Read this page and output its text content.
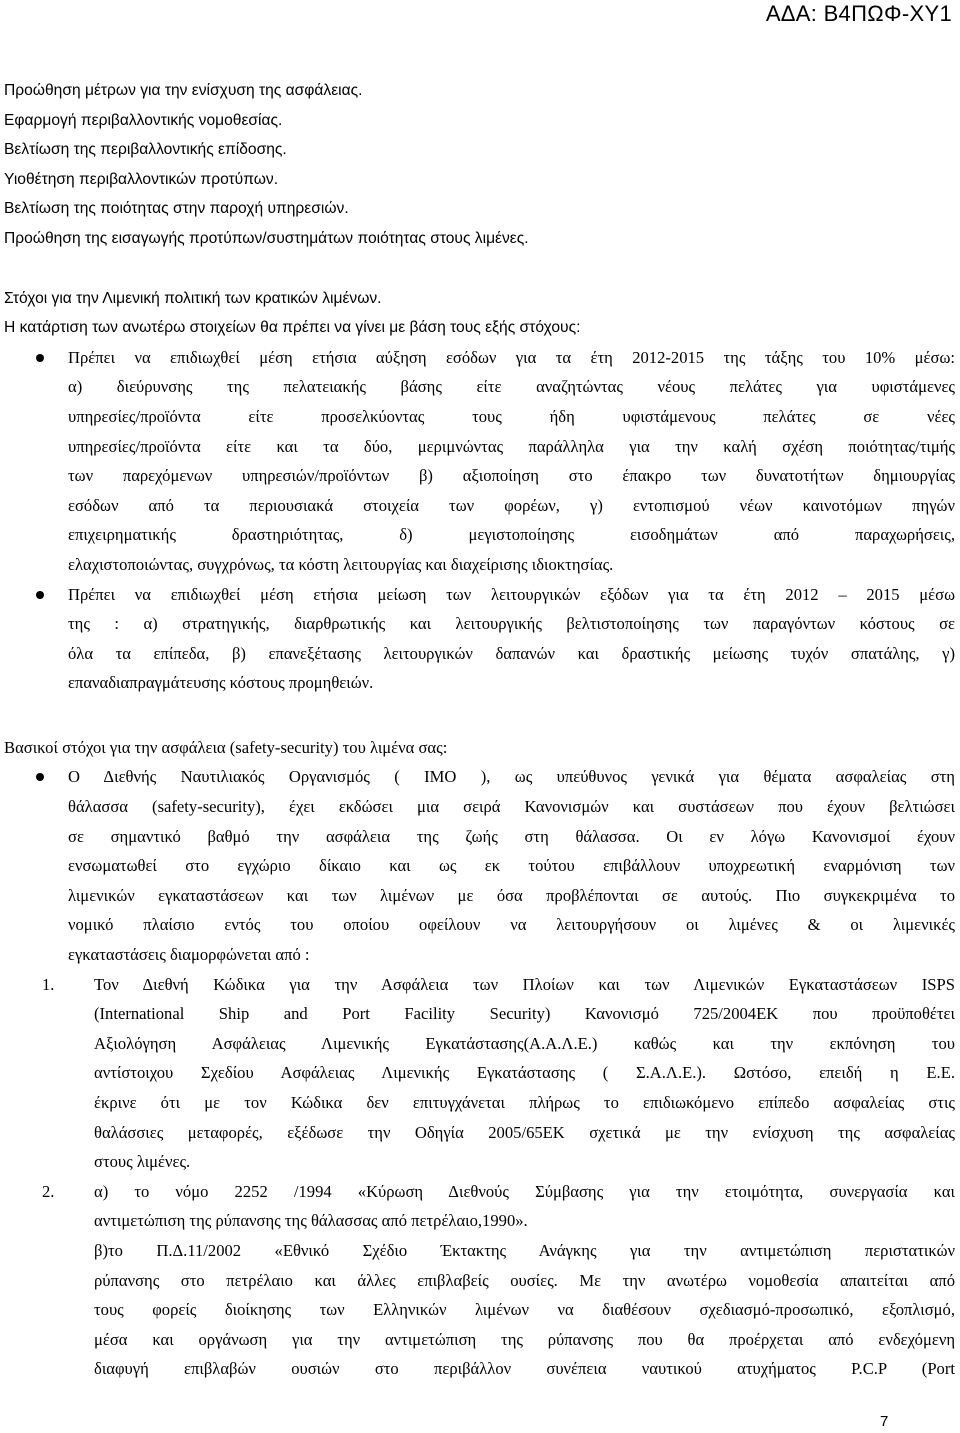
ΑΔΑ: Β4ΠΩΦ-ΧΥ1
Προώθηση μέτρων για την ενίσχυση της ασφάλειας.
Εφαρμογή περιβαλλοντικής νομοθεσίας.
Βελτίωση της περιβαλλοντικής επίδοσης.
Υιοθέτηση περιβαλλοντικών προτύπων.
Βελτίωση της ποιότητας στην παροχή υπηρεσιών.
Προώθηση της εισαγωγής προτύπων/συστημάτων ποιότητας στους λιμένες.
Στόχοι για την Λιμενική πολιτική των κρατικών λιμένων.
Η κατάρτιση των ανωτέρω στοιχείων θα πρέπει να γίνει με βάση τους εξής στόχους:
Πρέπει να επιδιωχθεί μέση ετήσια αύξηση εσόδων για τα έτη 2012-2015 της τάξης του 10% μέσω:
α) διεύρυνσης της πελατειακής βάσης είτε αναζητώντας νέους πελάτες για υφιστάμενες
υπηρεσίες/προϊόντα είτε προσελκύοντας τους ήδη υφιστάμενους πελάτες σε νέες
υπηρεσίες/προϊόντα είτε και τα δύο, μεριμνώντας παράλληλα για την καλή σχέση ποιότητας/τιμής
των παρεχόμενων υπηρεσιών/προϊόντων β) αξιοποίηση στο έπακρο των δυνατοτήτων δημιουργίας
εσόδων από τα περιουσιακά στοιχεία των φορέων, γ) εντοπισμού νέων καινοτόμων πηγών
επιχειρηματικής δραστηριότητας, δ) μεγιστοποίησης εισοδημάτων από παραχωρήσεις,
ελαχιστοποιώντας, συγχρόνως, τα κόστη λειτουργίας και διαχείρισης ιδιοκτησίας.
Πρέπει να επιδιωχθεί μέση ετήσια μείωση των λειτουργικών εξόδων για τα έτη 2012 – 2015 μέσω
της : α) στρατηγικής, διαρθρωτικής και λειτουργικής βελτιστοποίησης των παραγόντων κόστους σε
όλα τα επίπεδα, β) επανεξέτασης λειτουργικών δαπανών και δραστικής μείωσης τυχόν σπατάλης, γ)
επαναδιαπραγμάτευσης κόστους προμηθειών.
Βασικοί στόχοι για την ασφάλεια (safety-security) του λιμένα σας:
Ο Διεθνής Ναυτιλιακός Οργανισμός ( ΙΜΟ ), ως υπεύθυνος γενικά για θέματα ασφαλείας στη
θάλασσα (safety-security), έχει εκδώσει μια σειρά Κανονισμών και συστάσεων που έχουν βελτιώσει
σε σημαντικό βαθμό την ασφάλεια της ζωής στη θάλασσα. Οι εν λόγω Κανονισμοί έχουν
ενσωματωθεί στο εγχώριο δίκαιο και ως εκ τούτου επιβάλλουν υποχρεωτική εναρμόνιση των
λιμενικών εγκαταστάσεων και των λιμένων με όσα προβλέπονται σε αυτούς. Πιο συγκεκριμένα το
νομικό πλαίσιο εντός του οποίου οφείλουν να λειτουργήσουν οι λιμένες & οι λιμενικές
εγκαταστάσεις διαμορφώνεται από :
1. Τον Διεθνή Κώδικα για την Ασφάλεια των Πλοίων και των Λιμενικών Εγκαταστάσεων ISPS
(International Ship and Port Facility Security) Κανονισμό 725/2004ΕΚ που προϋποθέτει
Αξιολόγηση Ασφάλειας Λιμενικής Εγκατάστασης(Α.Α.Λ.Ε.) καθώς και την εκπόνηση του
αντίστοιχου Σχεδίου Ασφάλειας Λιμενικής Εγκατάστασης ( Σ.Α.Λ.Ε.). Ωστόσο, επειδή η Ε.Ε.
έκρινε ότι με τον Κώδικα δεν επιτυγχάνεται πλήρως το επιδιωκόμενο επίπεδο ασφαλείας στις
θαλάσσιες μεταφορές, εξέδωσε την Οδηγία 2005/65ΕΚ σχετικά με την ενίσχυση της ασφαλείας
στους λιμένες.
2. α) το νόμο 2252 /1994 «Κύρωση Διεθνούς Σύμβασης για την ετοιμότητα, συνεργασία και
αντιμετώπιση της ρύπανσης της θάλασσας από πετρέλαιο,1990».
β)το Π.Δ.11/2002 «Εθνικό Σχέδιο Έκτακτης Ανάγκης για την αντιμετώπιση περιστατικών
ρύπανσης στο πετρέλαιο και άλλες επιβλαβείς ουσίες. Με την ανωτέρω νομοθεσία απαιτείται από
τους φορείς διοίκησης των Ελληνικών λιμένων να διαθέσουν σχεδιασμό-προσωπικό, εξοπλισμό,
μέσα και οργάνωση για την αντιμετώπιση της ρύπανσης που θα προέρχεται από ενδεχόμενη
διαφυγή επιβλαβών ουσιών στο περιβάλλον συνέπεια ναυτικού ατυχήματος P.C.P (Port
7
